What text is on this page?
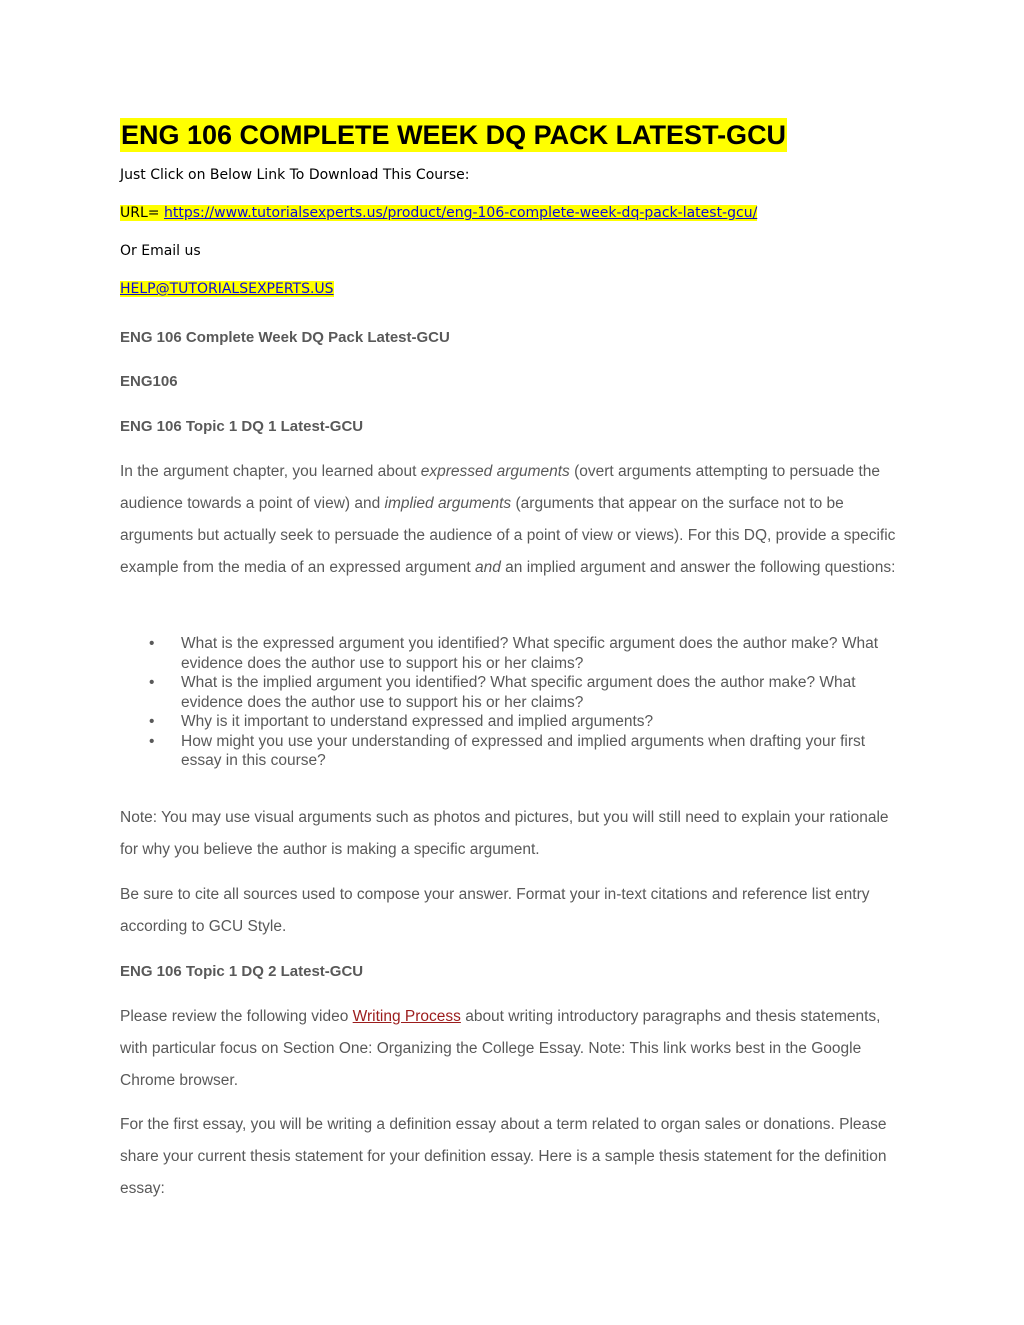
ENG 106 COMPLETE WEEK DQ PACK LATEST-GCU
Just Click on Below Link To Download This Course:
URL= https://www.tutorialsexperts.us/product/eng-106-complete-week-dq-pack-latest-gcu/
Or Email us
HELP@TUTORIALSEXPERTS.US
ENG 106 Complete Week DQ Pack Latest-GCU
ENG106
ENG 106 Topic 1 DQ 1 Latest-GCU
In the argument chapter, you learned about expressed arguments (overt arguments attempting to persuade the audience towards a point of view) and implied arguments (arguments that appear on the surface not to be arguments but actually seek to persuade the audience of a point of view or views). For this DQ, provide a specific example from the media of an expressed argument and an implied argument and answer the following questions:
• What is the expressed argument you identified? What specific argument does the author make? What evidence does the author use to support his or her claims?
• What is the implied argument you identified? What specific argument does the author make? What evidence does the author use to support his or her claims?
• Why is it important to understand expressed and implied arguments?
• How might you use your understanding of expressed and implied arguments when drafting your first essay in this course?
Note: You may use visual arguments such as photos and pictures, but you will still need to explain your rationale for why you believe the author is making a specific argument.
Be sure to cite all sources used to compose your answer. Format your in-text citations and reference list entry according to GCU Style.
ENG 106 Topic 1 DQ 2 Latest-GCU
Please review the following video Writing Process about writing introductory paragraphs and thesis statements, with particular focus on Section One: Organizing the College Essay. Note: This link works best in the Google Chrome browser.
For the first essay, you will be writing a definition essay about a term related to organ sales or donations. Please share your current thesis statement for your definition essay. Here is a sample thesis statement for the definition essay:
